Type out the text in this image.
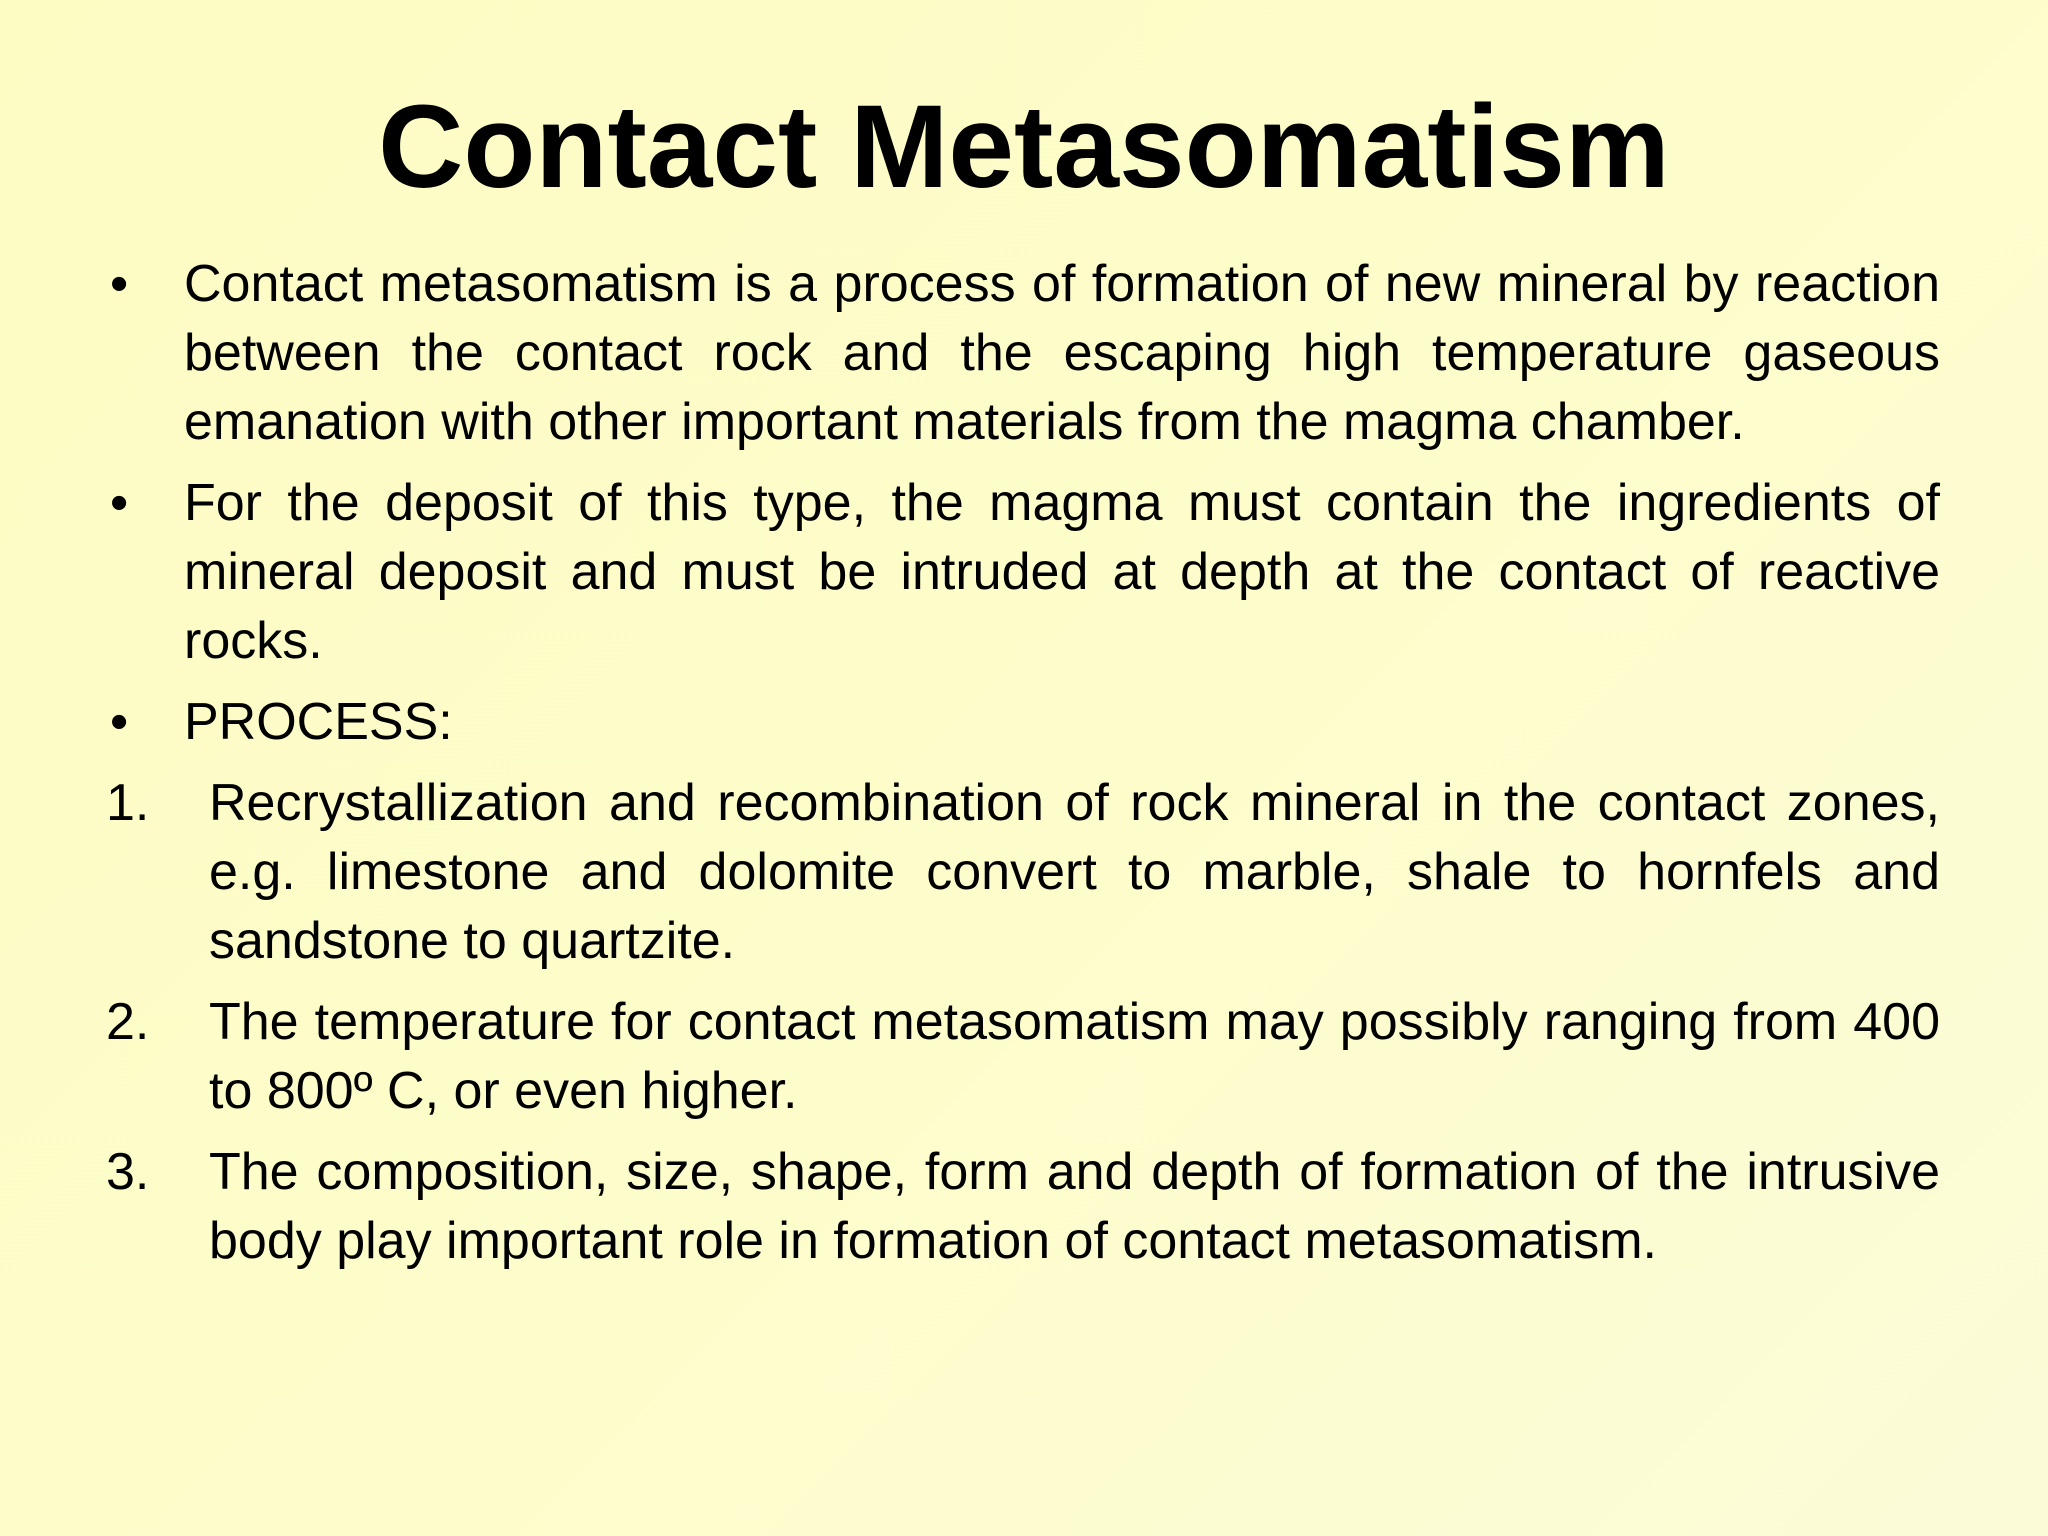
Contact Metasomatism
• Contact metasomatism is a process of formation of new mineral by reaction between the contact rock and the escaping high temperature gaseous emanation with other important materials from the magma chamber.
• For the deposit of this type, the magma must contain the ingredients of mineral deposit and must be intruded at depth at the contact of reactive rocks.
• PROCESS:
1. Recrystallization and recombination of rock mineral in the contact zones, e.g. limestone and dolomite convert to marble, shale to hornfels and sandstone to quartzite.
2. The temperature for contact metasomatism may possibly ranging from 400 to 800º C, or even higher.
3. The composition, size, shape, form and depth of formation of the intrusive body play important role in formation of contact metasomatism.
